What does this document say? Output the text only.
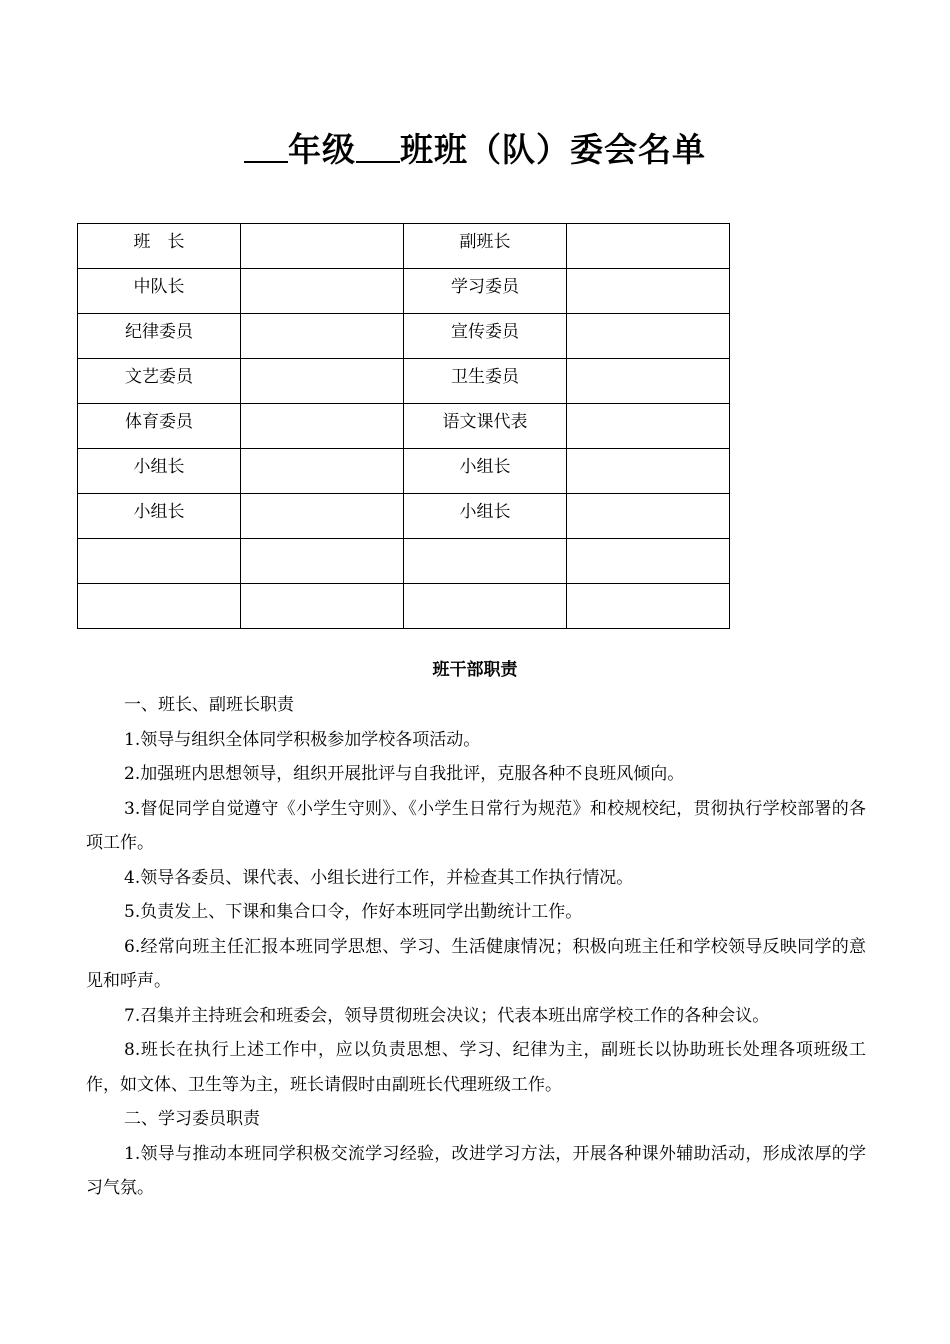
年级 班班（队）委会名单
班　长		副班长	
中队长		学习委员	
纪律委员		宣传委员	
文艺委员		卫生委员	
体育委员		语文课代表	
小组长		小组长	
小组长		小组长	

班干部职责

一、班长、副班长职责

1.领导与组织全体同学积极参加学校各项活动。

2.加强班内思想领导，组织开展批评与自我批评，克服各种不良班风倾向。

3.督促同学自觉遵守《小学生守则》、《小学生日常行为规范》和校规校纪，贯彻执行学校部署的各项工作。

4.领导各委员、课代表、小组长进行工作，并检查其工作执行情况。

5.负责发上、下课和集合口令，作好本班同学出勤统计工作。

6.经常向班主任汇报本班同学思想、学习、生活健康情况；积极向班主任和学校领导反映同学的意见和呼声。

7.召集并主持班会和班委会，领导贯彻班会决议；代表本班出席学校工作的各种会议。

8.班长在执行上述工作中，应以负责思想、学习、纪律为主，副班长以协助班长处理各项班级工作，如文体、卫生等为主，班长请假时由副班长代理班级工作。

二、学习委员职责

1.领导与推动本班同学积极交流学习经验，改进学习方法，开展各种课外辅助活动，形成浓厚的学习气氛。
